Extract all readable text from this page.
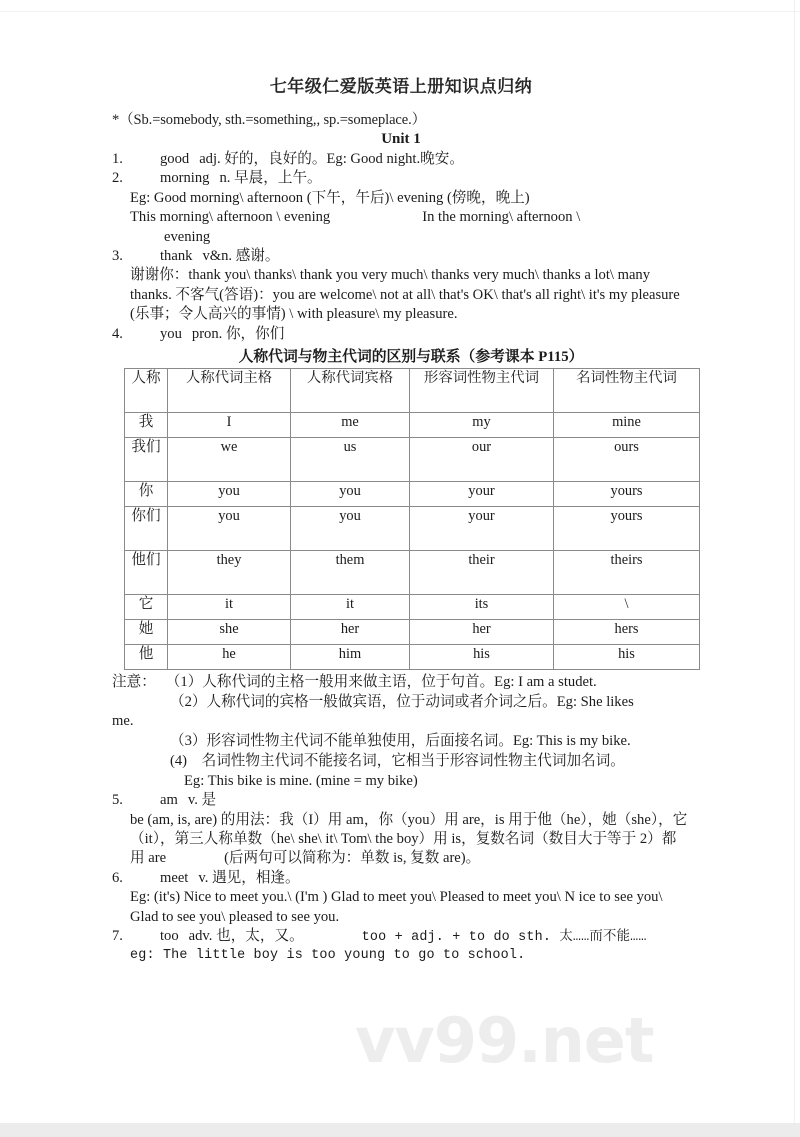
七年级仁爱版英语上册知识点归纳
*（Sb.=somebody, sth.=something,, sp.=someplace.）
Unit 1
1.	good adj. 好的，良好的。Eg: Good night.晚安。
2.	morning n. 早晨，上午。
Eg: Good morning\ afternoon (下午，午后)\ evening (傍晚，晚上)
This morning\ afternoon \ evening	In the morning\ afternoon \
evening
3.	thank v&n. 感谢。
谢谢你：thank you\ thanks\ thank you very much\ thanks very much\ thanks a lot\ many thanks. 不客气(答语)：you are welcome\ not at all\ that's OK\ that's all right\ it's my pleasure (乐事；令人高兴的事情) \ with pleasure\ my pleasure.
4.	you pron. 你，你们
人称代词与物主代词的区别与联系（参考课本 P115）
人称	人称代词主格	人称代词宾格	形容词性物主代词	名词性物主代词
我	I	me	my	mine
我们	we	us	our	ours
你	you	you	your	yours
你们	you	you	your	yours
他们	they	them	their	theirs
它	it	it	its	\
她	she	her	her	hers
他	he	him	his	his
注意： （1）人称代词的主格一般用来做主语，位于句首。Eg: I am a studet.
（2）人称代词的宾格一般做宾语，位于动词或者介词之后。Eg: She likes
me.
（3）形容词性物主代词不能单独使用，后面接名词。Eg: This is my bike.
(4)　名词性物主代词不能接名词，它相当于形容词性物主代词加名词。
Eg: This bike is mine. (mine = my bike)
5.	am v. 是
be (am, is, are) 的用法：我（I）用 am，你（you）用 are，is 用于他（he），她（she），它（it），第三人称单数（he\ she\ it\ Tom\ the boy）用 is，复数名词（数目大于等于 2）都用 are	(后两句可以简称为：单数 is, 复数 are)。
6.	meet v. 遇见，相逢。
Eg: (it's) Nice to meet you.\ (I'm ) Glad to meet you\ Pleased to meet you\ N ice to see you\ Glad to see you\ pleased to see you.
7.	too adv. 也，太，又。	too + adj. + to do sth. 太……而不能……
eg: The little boy is too young to go to school.
vv99.net
